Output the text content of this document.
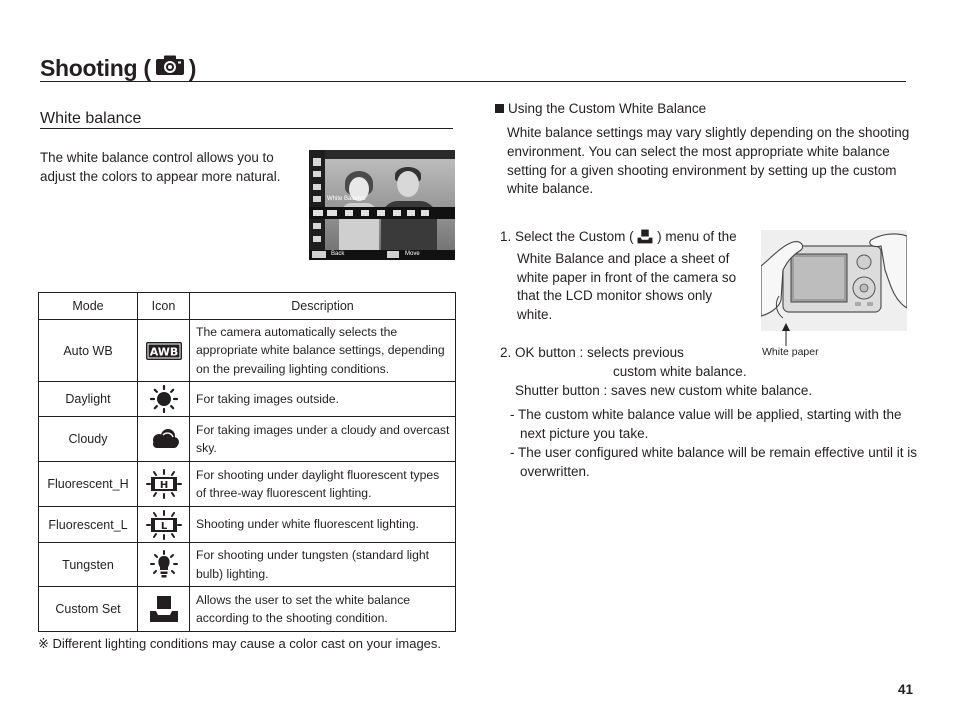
Shooting ( )
White balance
The white balance control allows you to adjust the colors to appear more natural.
White Balance
Back	Move
Mode	Icon	Description
Auto WB	AWB	The camera automatically selects the appropriate white balance settings, depending on the prevailing lighting conditions.
Daylight		For taking images outside.
Cloudy		For taking images under a cloudy and overcast sky.
Fluorescent_H	H	For shooting under daylight fluorescent types of three-way fluorescent lighting.
Fluorescent_L	L	Shooting under white fluorescent lighting.
Tungsten		For shooting under tungsten (standard light bulb) lighting.
Custom Set		Allows the user to set the white balance according to the shooting condition.
※ Different lighting conditions may cause a color cast on your images.
Using the Custom White Balance
White balance settings may vary slightly depending on the shooting environment. You can select the most appropriate white balance setting for a given shooting environment by setting up the custom white balance.
1. Select the Custom ( ) menu of the White Balance and place a sheet of white paper in front of the camera so that the LCD monitor shows only white.
2. OK button : selects previous
custom white balance.
Shutter button : saves new custom white balance.
- The custom white balance value will be applied, starting with the next picture you take.
- The user configured white balance will be remain effective until it is overwritten.
White paper
41
